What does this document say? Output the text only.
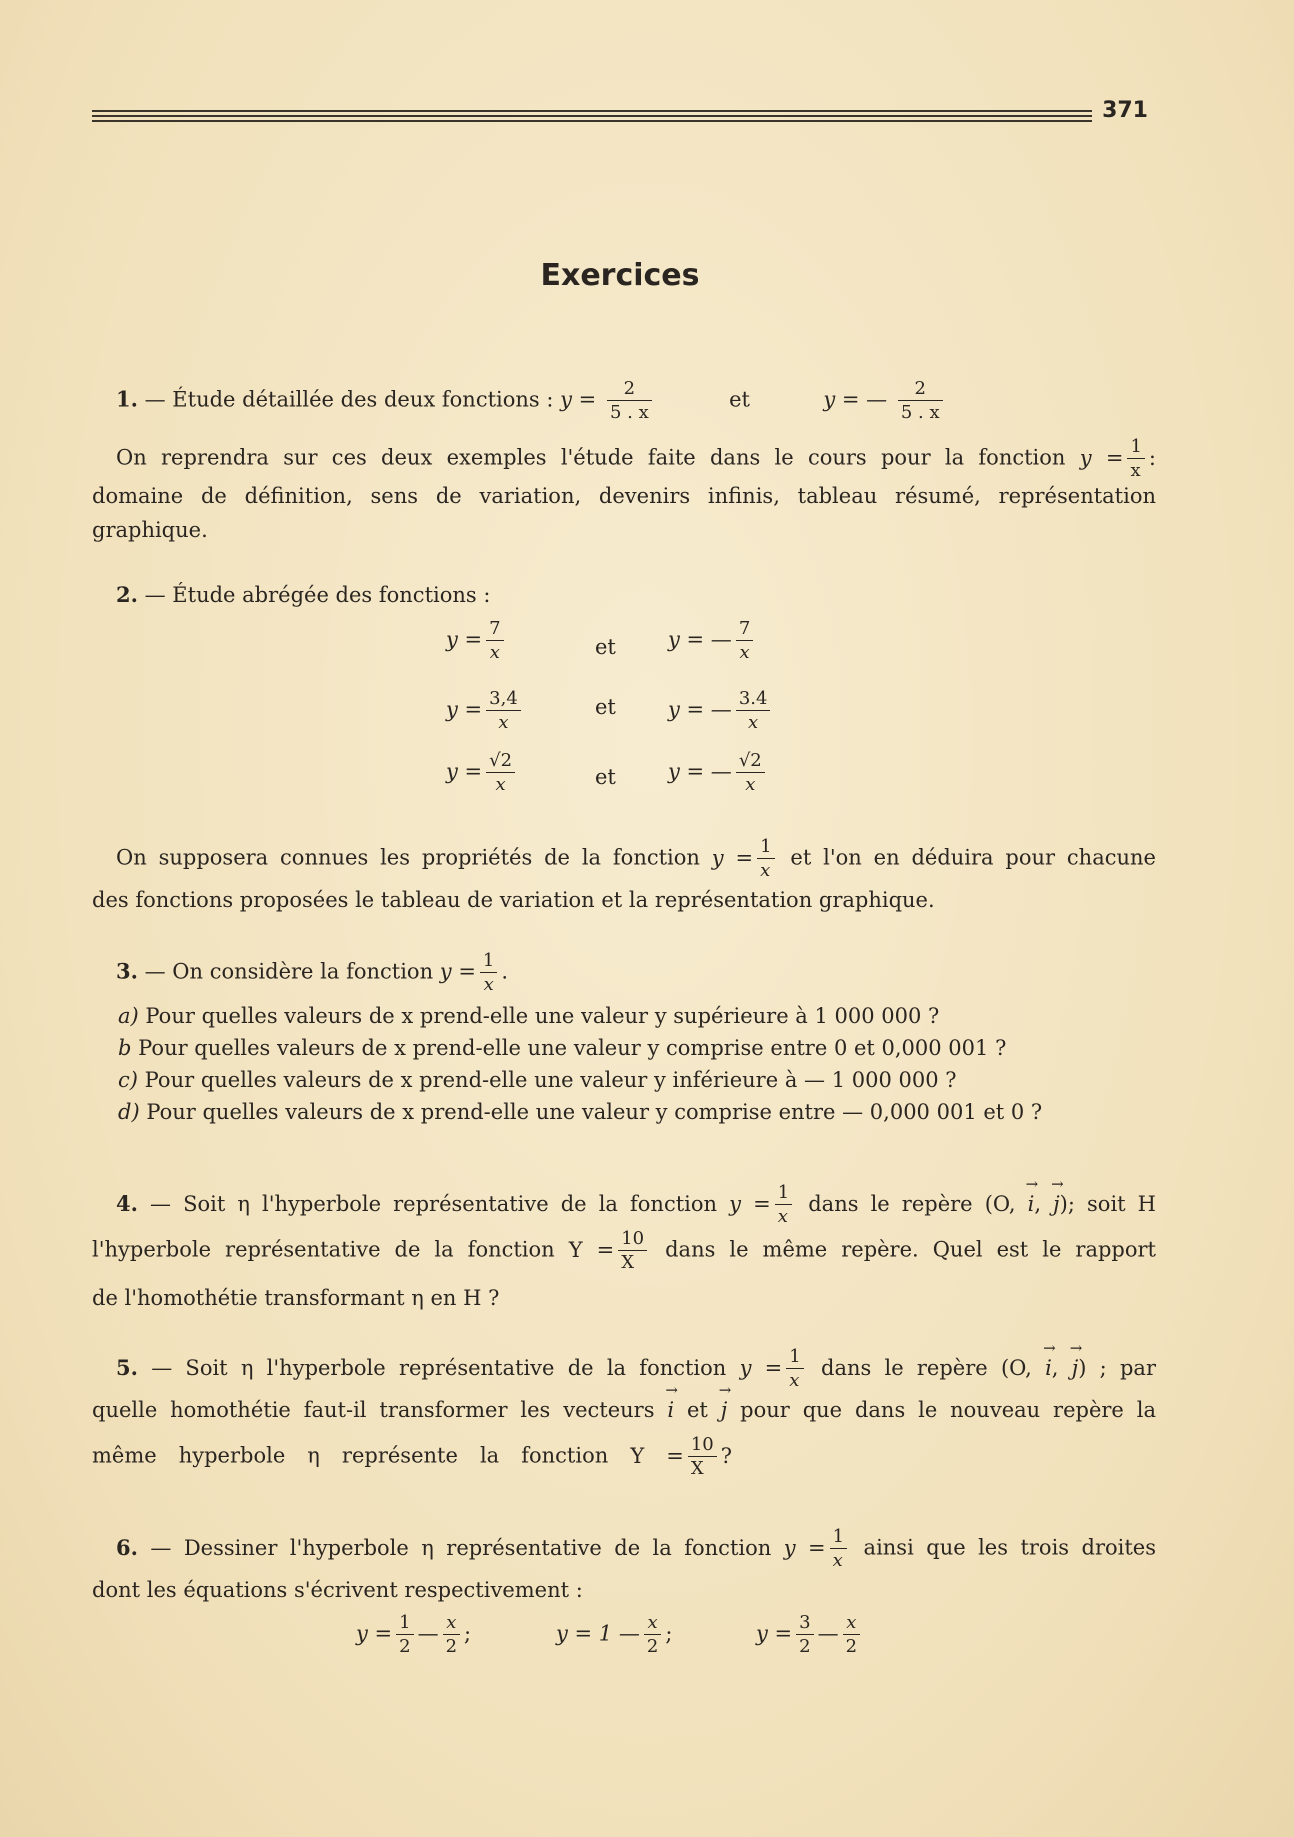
371
Exercices
1. — Étude détaillée des deux fonctions : $y = \frac{2}{5 . x}$	et	y = — $\frac{2}{5 . x}$
On reprendra sur ces deux exemples l'étude faite dans le cours pour la fonction $y = \frac{1}{x}$ :
domaine de définition, sens de variation, devenirs infinis, tableau résumé, représentation
graphique.
2. — Étude abrégée des fonctions :
$y = \frac{7}{x}$	et y = — $\frac{7}{x}$
$y = \frac{3,4}{x}$	et y = — $\frac{3.4}{x}$
$y = \frac{√2}{x}$	et y = — $\frac{√2}{x}$
On supposera connues les propriétés de la fonction $y = \frac{1}{x}$ et l'on en déduira pour chacune
des fonctions proposées le tableau de variation et la représentation graphique.
3. — On considère la fonction $y = \frac{1}{x}$ .
a) Pour quelles valeurs de x prend-elle une valeur y supérieure à 1 000 000 ?
b Pour quelles valeurs de x prend-elle une valeur y comprise entre 0 et 0,000 001 ?
c) Pour quelles valeurs de x prend-elle une valeur y inférieure à — 1 000 000 ?
d) Pour quelles valeurs de x prend-elle une valeur y comprise entre — 0,000 001 et 0 ?
4. — Soit η l'hyperbole représentative de la fonction $y = \frac{1}{x}$ dans le repère (O, → i, → j); soit H
l'hyperbole représentative de la fonction $Y = \frac{10}{X}$ dans le même repère. Quel est le rapport
de l'homothétie transformant η en H ?
5. — Soit η l'hyperbole représentative de la fonction $y = \frac{1}{x}$ dans le repère (O, → i, → j) ; par
quelle homothétie faut-il transformer les vecteurs → i et → j pour que dans le nouveau repère la
même hyperbole η représente la fonction $Y = \frac{10}{X}$ ?
6. — Dessiner l'hyperbole η représentative de la fonction $y = \frac{1}{x}$ ainsi que les trois droites
dont les équations s'écrivent respectivement :
$y = \frac{1}{2}$ — $\frac{x}{2}$ ;	y = 1 — $\frac{x}{2}$ ;	$y = \frac{3}{2}$ — $\frac{x}{2}$
